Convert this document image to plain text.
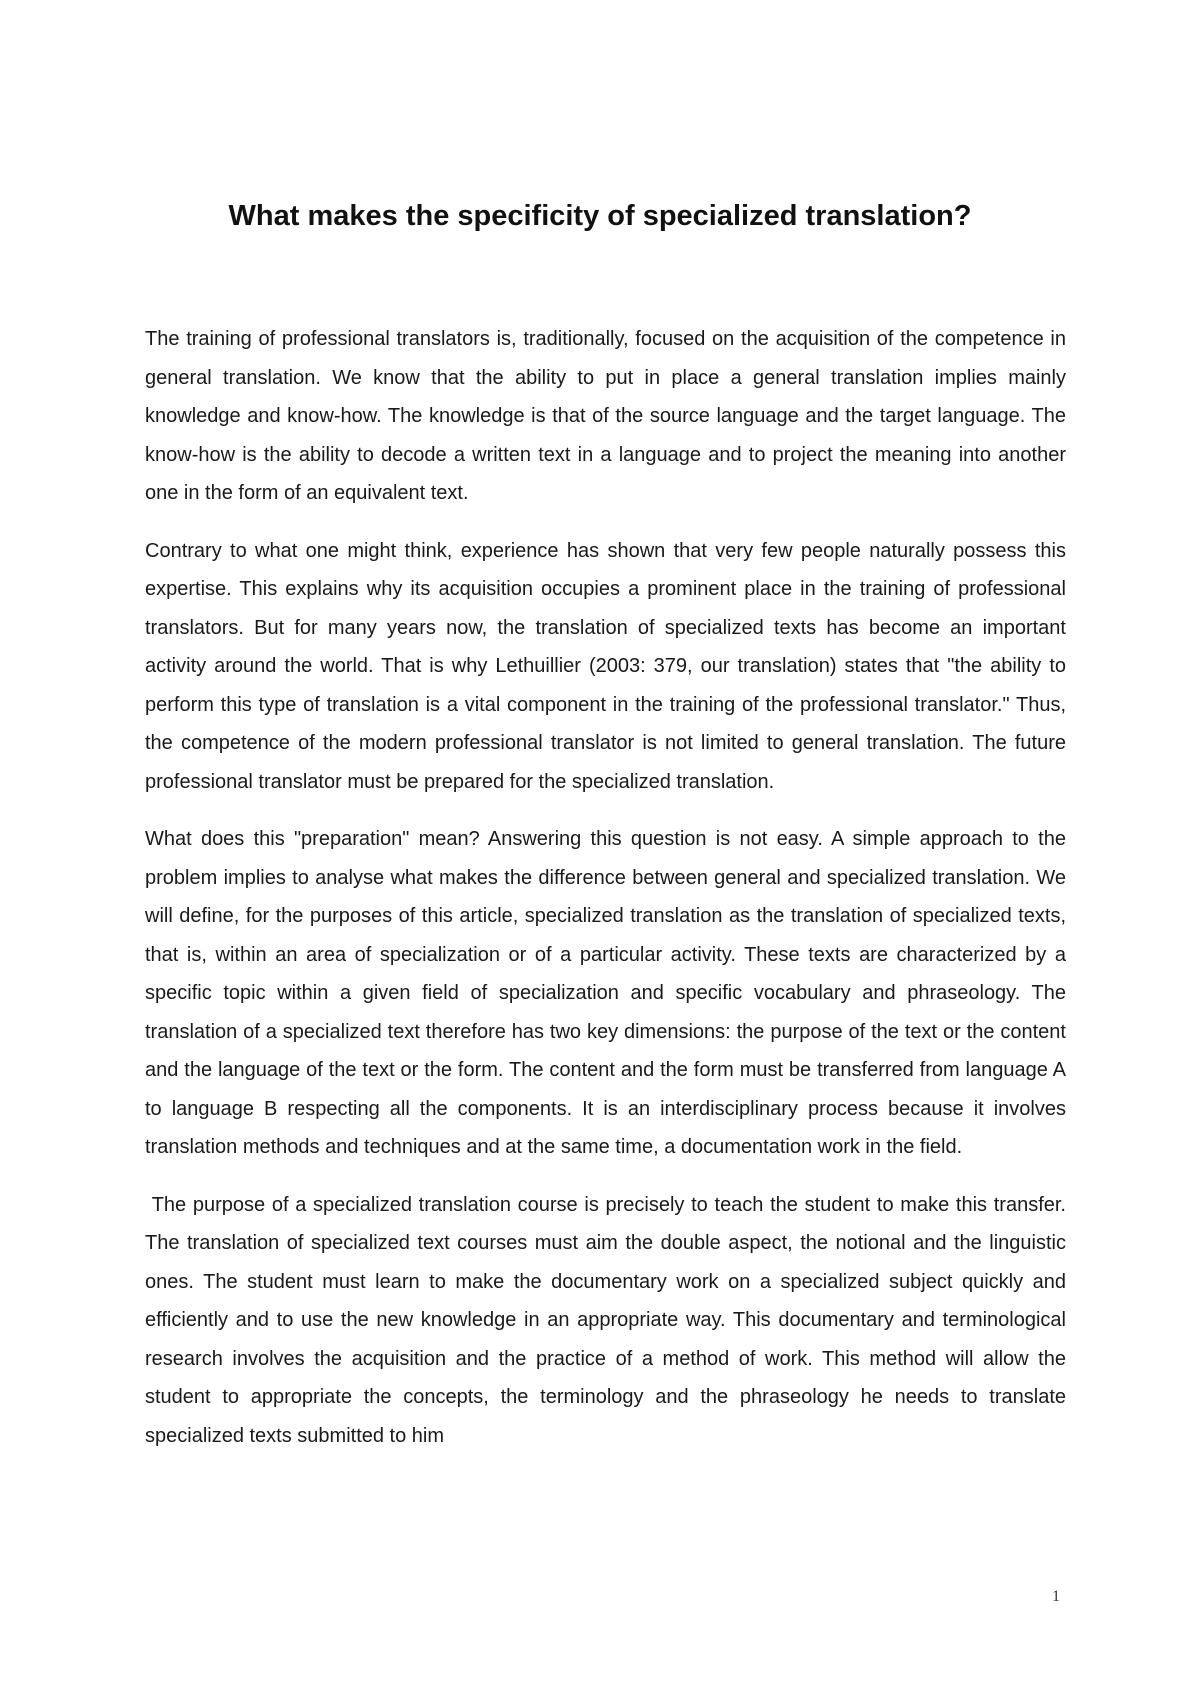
What makes the specificity of specialized translation?

The training of professional translators is, traditionally, focused on the acquisition of the competence in general translation. We know that the ability to put in place a general translation implies mainly knowledge and know-how. The knowledge is that of the source language and the target language. The know-how is the ability to decode a written text in a language and to project the meaning into another one in the form of an equivalent text.

Contrary to what one might think, experience has shown that very few people naturally possess this expertise. This explains why its acquisition occupies a prominent place in the training of professional translators. But for many years now, the translation of specialized texts has become an important activity around the world. That is why Lethuillier (2003: 379, our translation) states that "the ability to perform this type of translation is a vital component in the training of the professional translator." Thus, the competence of the modern professional translator is not limited to general translation. The future professional translator must be prepared for the specialized translation.

What does this "preparation" mean? Answering this question is not easy. A simple approach to the problem implies to analyse what makes the difference between general and specialized translation. We will define, for the purposes of this article, specialized translation as the translation of specialized texts, that is, within an area of specialization or of a particular activity. These texts are characterized by a specific topic within a given field of specialization and specific vocabulary and phraseology. The translation of a specialized text therefore has two key dimensions: the purpose of the text or the content and the language of the text or the form. The content and the form must be transferred from language A to language B respecting all the components. It is an interdisciplinary process because it involves translation methods and techniques and at the same time, a documentation work in the field.

The purpose of a specialized translation course is precisely to teach the student to make this transfer. The translation of specialized text courses must aim the double aspect, the notional and the linguistic ones. The student must learn to make the documentary work on a specialized subject quickly and efficiently and to use the new knowledge in an appropriate way. This documentary and terminological research involves the acquisition and the practice of a method of work. This method will allow the student to appropriate the concepts, the terminology and the phraseology he needs to translate specialized texts submitted to him

1
